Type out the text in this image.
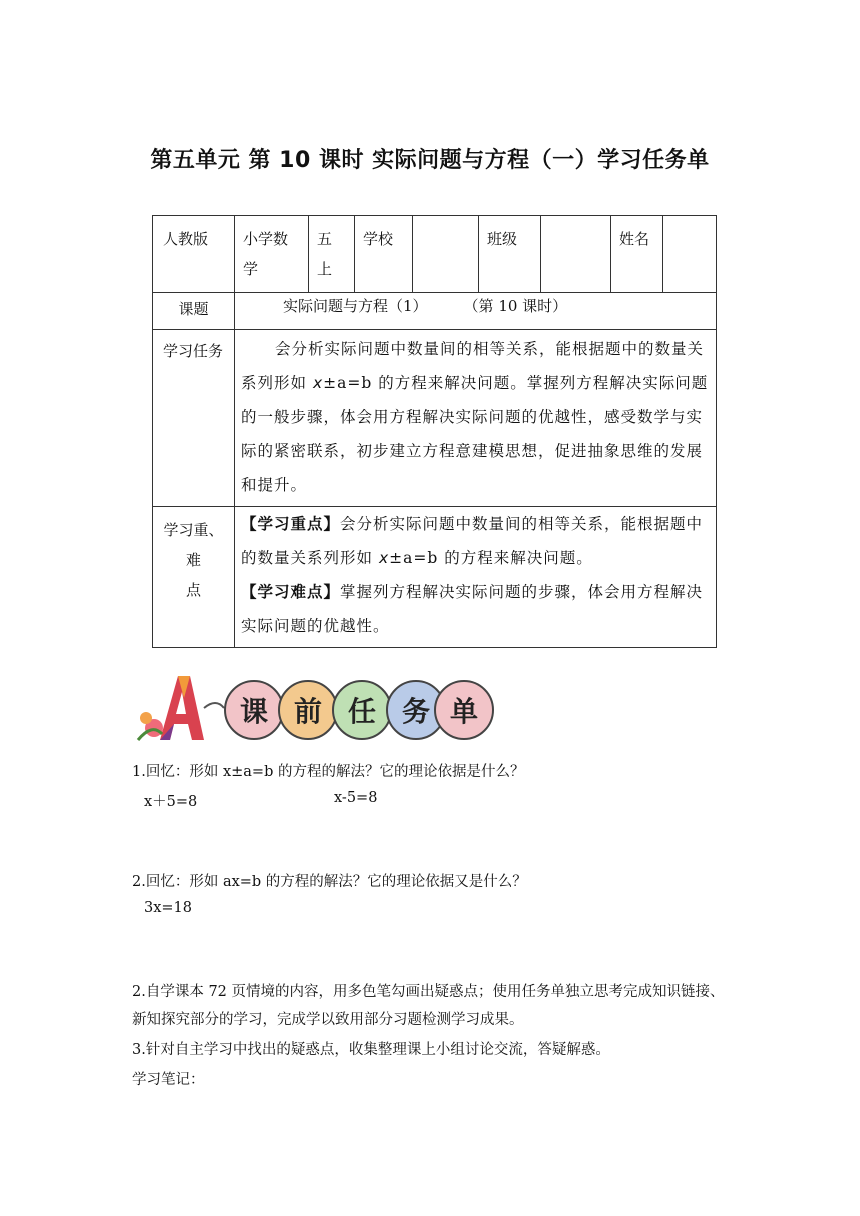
第五单元 第 10 课时 实际问题与方程（一）学习任务单
人教版	小学数学	五上	学校		班级		姓名	

课题	实际问题与方程（1） （第 10 课时）							

学习任务	会分析实际问题中数量间的相等关系，能根据题中的数量关
系列形如 x±a=b 的方程来解决问题。掌握列方程解决实际问题
的一般步骤，体会用方程解决实际问题的优越性，感受数学与实
际的紧密联系，初步建立方程意建模思想，促进抽象思维的发展
和提升。							

学习重、难
点	【学习重点】会分析实际问题中数量间的相等关系，能根据题中
的数量关系列形如 x±a=b 的方程来解决问题。
【学习难点】掌握列方程解决实际问题的步骤，体会用方程解决
实际问题的优越性。							
课 前 任 务 单
1.回忆：形如 x±a=b 的方程的解法？它的理论依据是什么？
x＋5=8	x-5=8
2.回忆：形如 ax=b 的方程的解法？它的理论依据又是什么？
3x=18
2.自学课本 72 页情境的内容，用多色笔勾画出疑惑点；使用任务单独立思考完成知识链接、
新知探究部分的学习，完成学以致用部分习题检测学习成果。
3.针对自主学习中找出的疑惑点，收集整理课上小组讨论交流，答疑解惑。
学习笔记：
